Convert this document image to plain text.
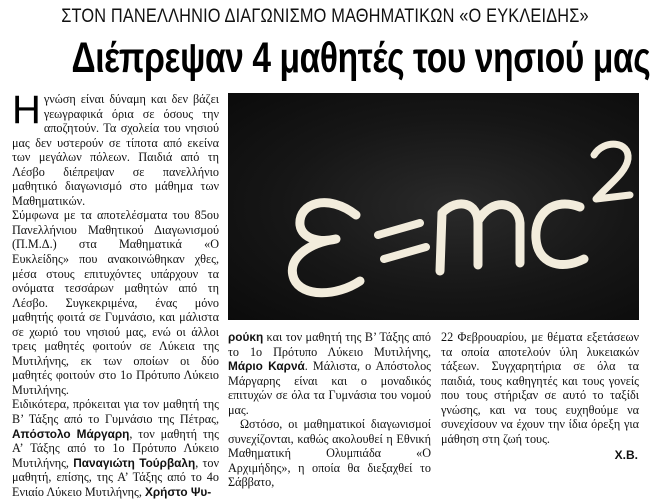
ΣΤΟΝ ΠΑΝΕΛΛΗΝΙΟ ΔΙΑΓΩΝΙΣΜΟ ΜΑΘΗΜΑΤΙΚΩΝ «Ο ΕΥΚΛΕΙΔΗΣ»
Διέπρεψαν 4 μαθητές του νησιού μας

Ηγνώση είναι δύναμη και δεν βάζει γεωγραφικά όρια σε όσους την αποζητούν. Τα σχολεία του νησιού μας δεν υστερούν σε τίποτα από εκείνα των μεγάλων πόλεων. Παιδιά από τη Λέσβο διέπρεψαν σε πανελλήνιο μαθητικό διαγωνισμό στο μάθημα των Μαθηματικών.

Σύμφωνα με τα αποτελέσματα του 85ου Πανελλήνιου Μαθητικού Διαγωνισμού (Π.Μ.Δ.) στα Μαθηματικά «Ο Ευκλείδης» που ανακοινώθηκαν χθες, μέσα στους επιτυχόντες υπάρχουν τα ονόματα τεσσάρων μαθητών από τη Λέσβο. Συγκεκριμένα, ένας μόνο μαθητής φοιτά σε Γυμνάσιο, και μάλιστα σε χωριό του νησιού μας, ενώ οι άλλοι τρεις μαθητές φοιτούν σε Λύκεια της Μυτιλήνης, εκ των οποίων οι δύο μαθητές φοιτούν στο 1ο Πρότυπο Λύκειο Μυτιλήνης.

Ειδικότερα, πρόκειται για τον μαθητή της Β’ Τάξης από το Γυμνάσιο της Πέτρας, Απόστολο Μάργαρη, τον μαθητή της Α’ Τάξης από το 1ο Πρότυπο Λύκειο Μυτιλήνης, Παναγιώτη Τούρβαλη, τον μαθητή, επίσης, της Α’ Τάξης από το 4ο Ενιαίο Λύκειο Μυτιλήνης, Χρήστο Ψυ-

ρούκη και τον μαθητή της Β’ Τάξης από το 1ο Πρότυπο Λύκειο Μυτιλήνης, Μάριο Καρνά. Μάλιστα, ο Απόστολος Μάργαρης είναι και ο μοναδικός επιτυχών σε όλα τα Γυμνάσια του νομού μας.

Ωστόσο, οι μαθηματικοί διαγωνισμοί συνεχίζονται, καθώς ακολουθεί η Εθνική Μαθηματική Ολυμπιάδα «Ο Αρχιμήδης», η οποία θα διεξαχθεί το Σάββατο,

22 Φεβρουαρίου, με θέματα εξετάσεων τα οποία αποτελούν ύλη λυκειακών τάξεων. Συγχαρητήρια σε όλα τα παιδιά, τους καθηγητές και τους γονείς που τους στήριξαν σε αυτό το ταξίδι γνώσης, και να τους ευχηθούμε να συνεχίσουν να έχουν την ίδια όρεξη για μάθηση στη ζωή τους.

Χ.Β.
